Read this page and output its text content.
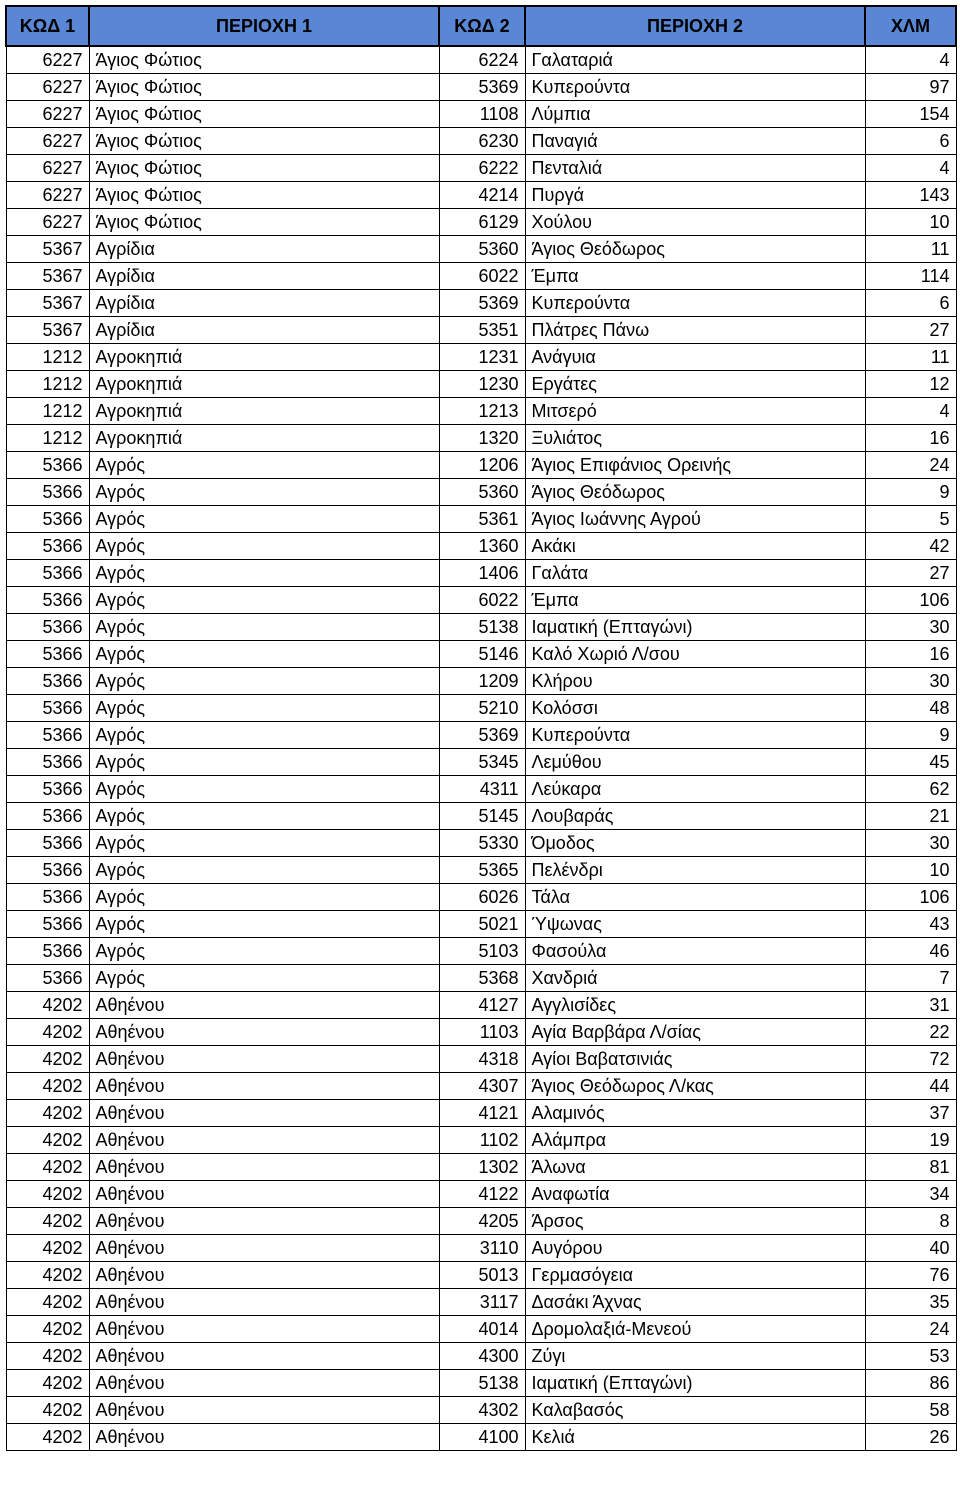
ΚΩΔ 1	ΠΕΡΙΟΧΗ 1	ΚΩΔ 2	ΠΕΡΙΟΧΗ 2	ΧΛΜ
6227	Άγιος Φώτιος	6224	Γαλαταριά	4
6227	Άγιος Φώτιος	5369	Κυπερούντα	97
6227	Άγιος Φώτιος	1108	Λύμπια	154
6227	Άγιος Φώτιος	6230	Παναγιά	6
6227	Άγιος Φώτιος	6222	Πενταλιά	4
6227	Άγιος Φώτιος	4214	Πυργά	143
6227	Άγιος Φώτιος	6129	Χούλου	10
5367	Αγρίδια	5360	Άγιος Θεόδωρος	11
5367	Αγρίδια	6022	Έμπα	114
5367	Αγρίδια	5369	Κυπερούντα	6
5367	Αγρίδια	5351	Πλάτρες Πάνω	27
1212	Αγροκηπιά	1231	Ανάγυια	11
1212	Αγροκηπιά	1230	Εργάτες	12
1212	Αγροκηπιά	1213	Μιτσερό	4
1212	Αγροκηπιά	1320	Ξυλιάτος	16
5366	Αγρός	1206	Άγιος Επιφάνιος Ορεινής	24
5366	Αγρός	5360	Άγιος Θεόδωρος	9
5366	Αγρός	5361	Άγιος Ιωάννης Αγρού	5
5366	Αγρός	1360	Ακάκι	42
5366	Αγρός	1406	Γαλάτα	27
5366	Αγρός	6022	Έμπα	106
5366	Αγρός	5138	Ιαματική (Επταγώνι)	30
5366	Αγρός	5146	Καλό Χωριό Λ/σου	16
5366	Αγρός	1209	Κλήρου	30
5366	Αγρός	5210	Κολόσσι	48
5366	Αγρός	5369	Κυπερούντα	9
5366	Αγρός	5345	Λεμύθου	45
5366	Αγρός	4311	Λεύκαρα	62
5366	Αγρός	5145	Λουβαράς	21
5366	Αγρός	5330	Όμοδος	30
5366	Αγρός	5365	Πελένδρι	10
5366	Αγρός	6026	Τάλα	106
5366	Αγρός	5021	Ύψωνας	43
5366	Αγρός	5103	Φασούλα	46
5366	Αγρός	5368	Χανδριά	7
4202	Αθηένου	4127	Αγγλισίδες	31
4202	Αθηένου	1103	Αγία Βαρβάρα Λ/σίας	22
4202	Αθηένου	4318	Αγίοι Βαβατσινιάς	72
4202	Αθηένου	4307	Άγιος Θεόδωρος Λ/κας	44
4202	Αθηένου	4121	Αλαμινός	37
4202	Αθηένου	1102	Αλάμπρα	19
4202	Αθηένου	1302	Άλωνα	81
4202	Αθηένου	4122	Αναφωτία	34
4202	Αθηένου	4205	Άρσος	8
4202	Αθηένου	3110	Αυγόρου	40
4202	Αθηένου	5013	Γερμασόγεια	76
4202	Αθηένου	3117	Δασάκι Άχνας	35
4202	Αθηένου	4014	Δρομολαξιά-Μενεού	24
4202	Αθηένου	4300	Ζύγι	53
4202	Αθηένου	5138	Ιαματική (Επταγώνι)	86
4202	Αθηένου	4302	Καλαβασός	58
4202	Αθηένου	4100	Κελιά	26
